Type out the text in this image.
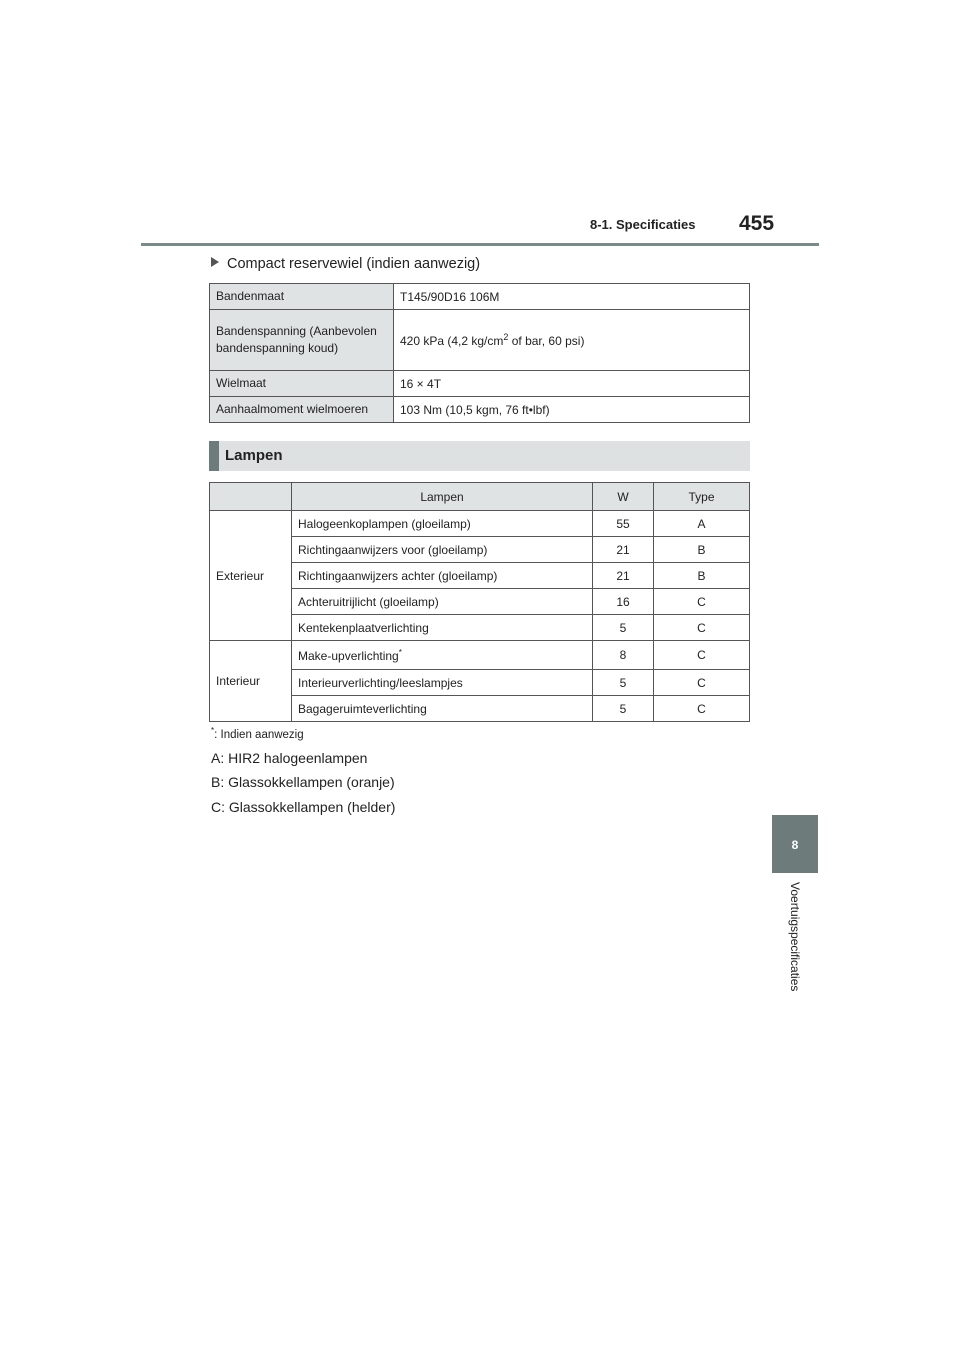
8-1. Specificaties 455
8
Voertuigspecificaties
Compact reservewiel (indien aanwezig)
Bandenmaat	T145/90D16 106M
Bandenspanning (Aanbevolen bandenspanning koud)	420 kPa (4,2 $kg/cm^2$ of bar, 60 psi)
Wielmaat	16 × 4T
Aanhaalmoment wielmoeren	103 Nm (10,5 kgm, 76 ft•lbf)
Lampen
	Lampen	W	Type
Exterieur	Halogeenkoplampen (gloeilamp)	55	A
	Richtingaanwijzers voor (gloeilamp)	21	B
	Richtingaanwijzers achter (gloeilamp)	21	B
	Achteruitrijlicht (gloeilamp)	16	C
	Kentekenplaatverlichting	5	C
Interieur	Make-upverlichting*	8	C
	Interieurverlichting/leeslampjes	5	C
	Bagageruimteverlichting	5	C
*: Indien aanwezig
A: HIR2 halogeenlampen
B: Glassokkellampen (oranje)
C: Glassokkellampen (helder)
